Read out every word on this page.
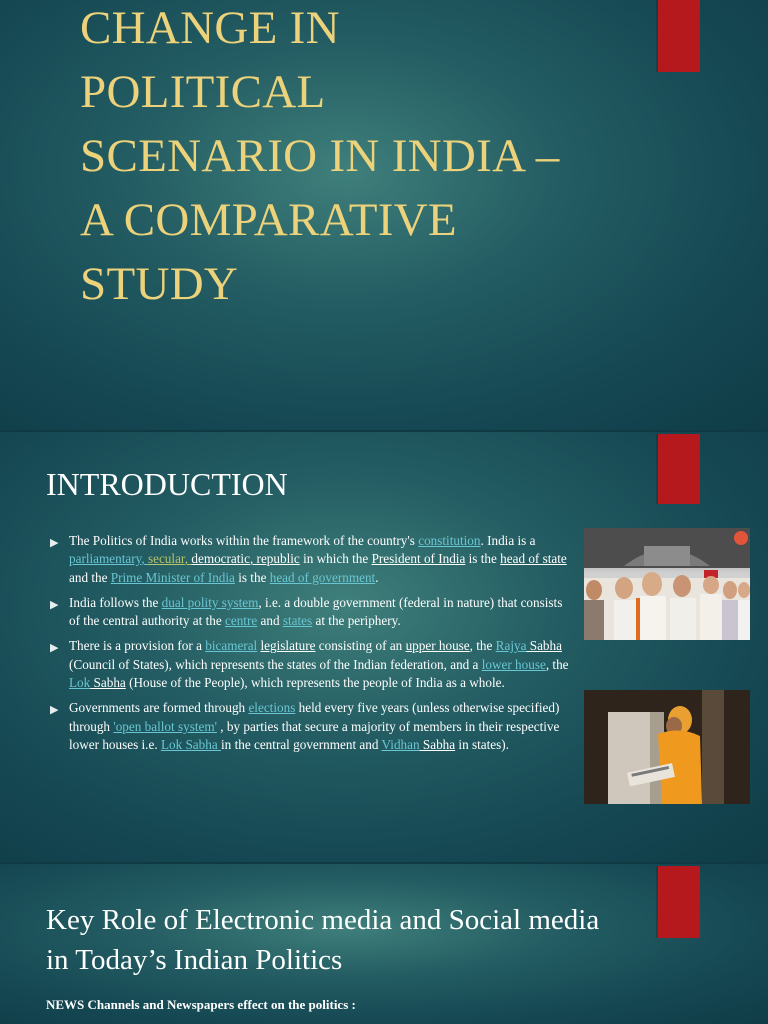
CHANGE IN
POLITICAL
SCENARIO IN INDIA –
A COMPARATIVE
STUDY
INTRODUCTION
▶ The Politics of India works within the framework of the country's constitution. India is a parliamentary, secular, democratic, republic in which the President of India is the head of state and the Prime Minister of India is the head of government.
▶ India follows the dual polity system, i.e. a double government (federal in nature) that consists of the central authority at the centre and states at the periphery.
▶ There is a provision for a bicameral legislature consisting of an upper house, the Rajya Sabha (Council of States), which represents the states of the Indian federation, and a lower house, the Lok Sabha (House of the People), which represents the people of India as a whole.
▶ Governments are formed through elections held every five years (unless otherwise specified) through 'open ballot system' , by parties that secure a majority of members in their respective lower houses i.e. Lok Sabha in the central government and Vidhan Sabha in states).
Key Role of Electronic media and Social media in Today’s Indian Politics
NEWS Channels and Newspapers effect on the politics :
